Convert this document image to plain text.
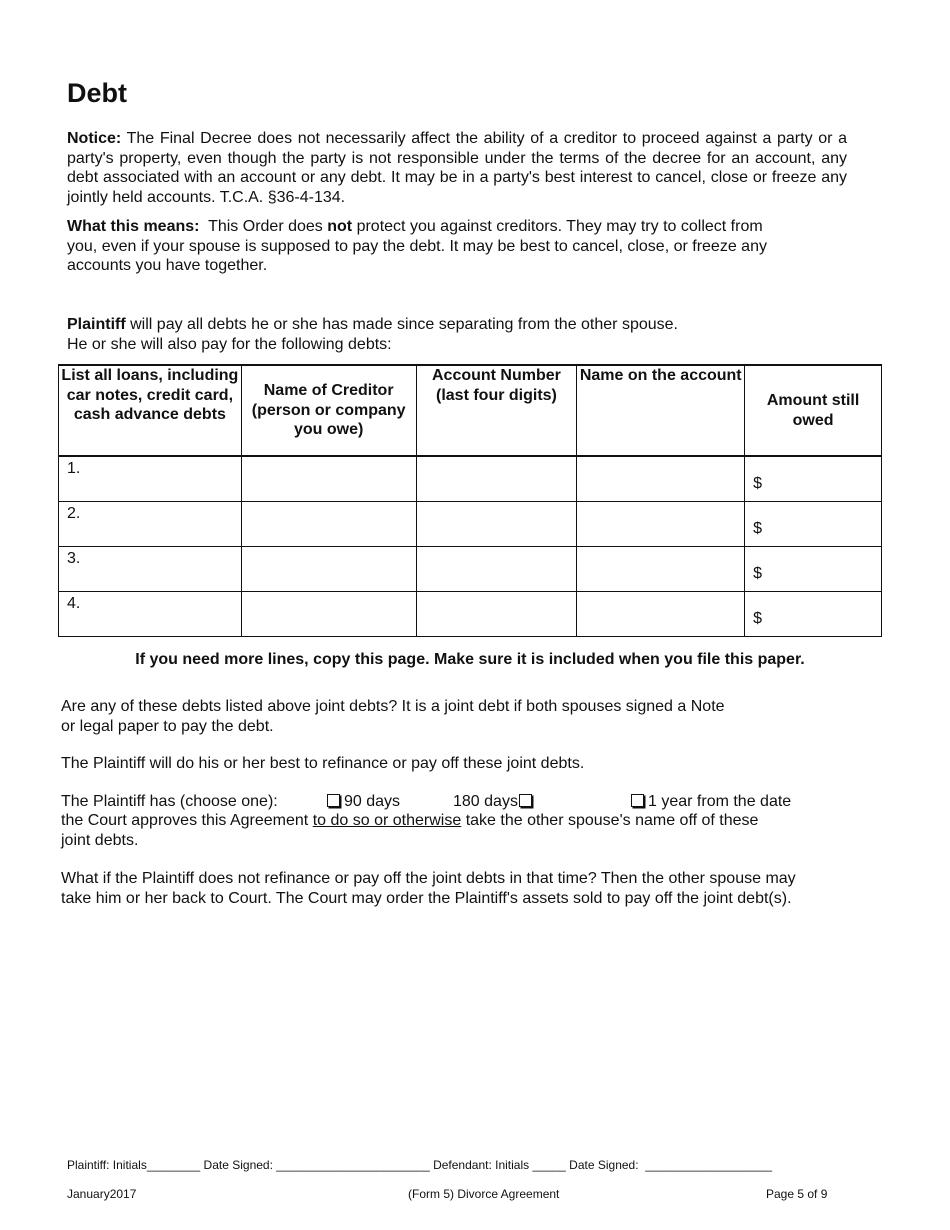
Debt
Notice: The Final Decree does not necessarily affect the ability of a creditor to proceed against a party or a party's property, even though the party is not responsible under the terms of the decree for an account, any debt associated with an account or any debt. It may be in a party's best interest to cancel, close or freeze any jointly held accounts. T.C.A. §36-4-134.
What this means: This Order does not protect you against creditors. They may try to collect from
you, even if your spouse is supposed to pay the debt. It may be best to cancel, close, or freeze any
accounts you have together.
Plaintiff will pay all debts he or she has made since separating from the other spouse.
He or she will also pay for the following debts:
List all loans, including car notes, credit card, cash advance debts	Name of Creditor (person or company you owe)	Account Number (last four digits)	Name on the account	Amount still owed

1.				$

2.				$

3.				$

4.				$
If you need more lines, copy this page. Make sure it is included when you file this paper.
Are any of these debts listed above joint debts? It is a joint debt if both spouses signed a Note
or legal paper to pay the debt.
The Plaintiff will do his or her best to refinance or pay off these joint debts.
The Plaintiff has (choose one):	90 days	180 days	1 year from the date
the Court approves this Agreement to do so or otherwise take the other spouse's name off of these
joint debts.
What if the Plaintiff does not refinance or pay off the joint debts in that time? Then the other spouse may
take him or her back to Court. The Court may order the Plaintiff's assets sold to pay off the joint debt(s).
Plaintiff: Initials________ Date Signed: _______________________ Defendant: Initials _____ Date Signed:  ___________________
January2017	(Form 5) Divorce Agreement	Page 5 of 9
